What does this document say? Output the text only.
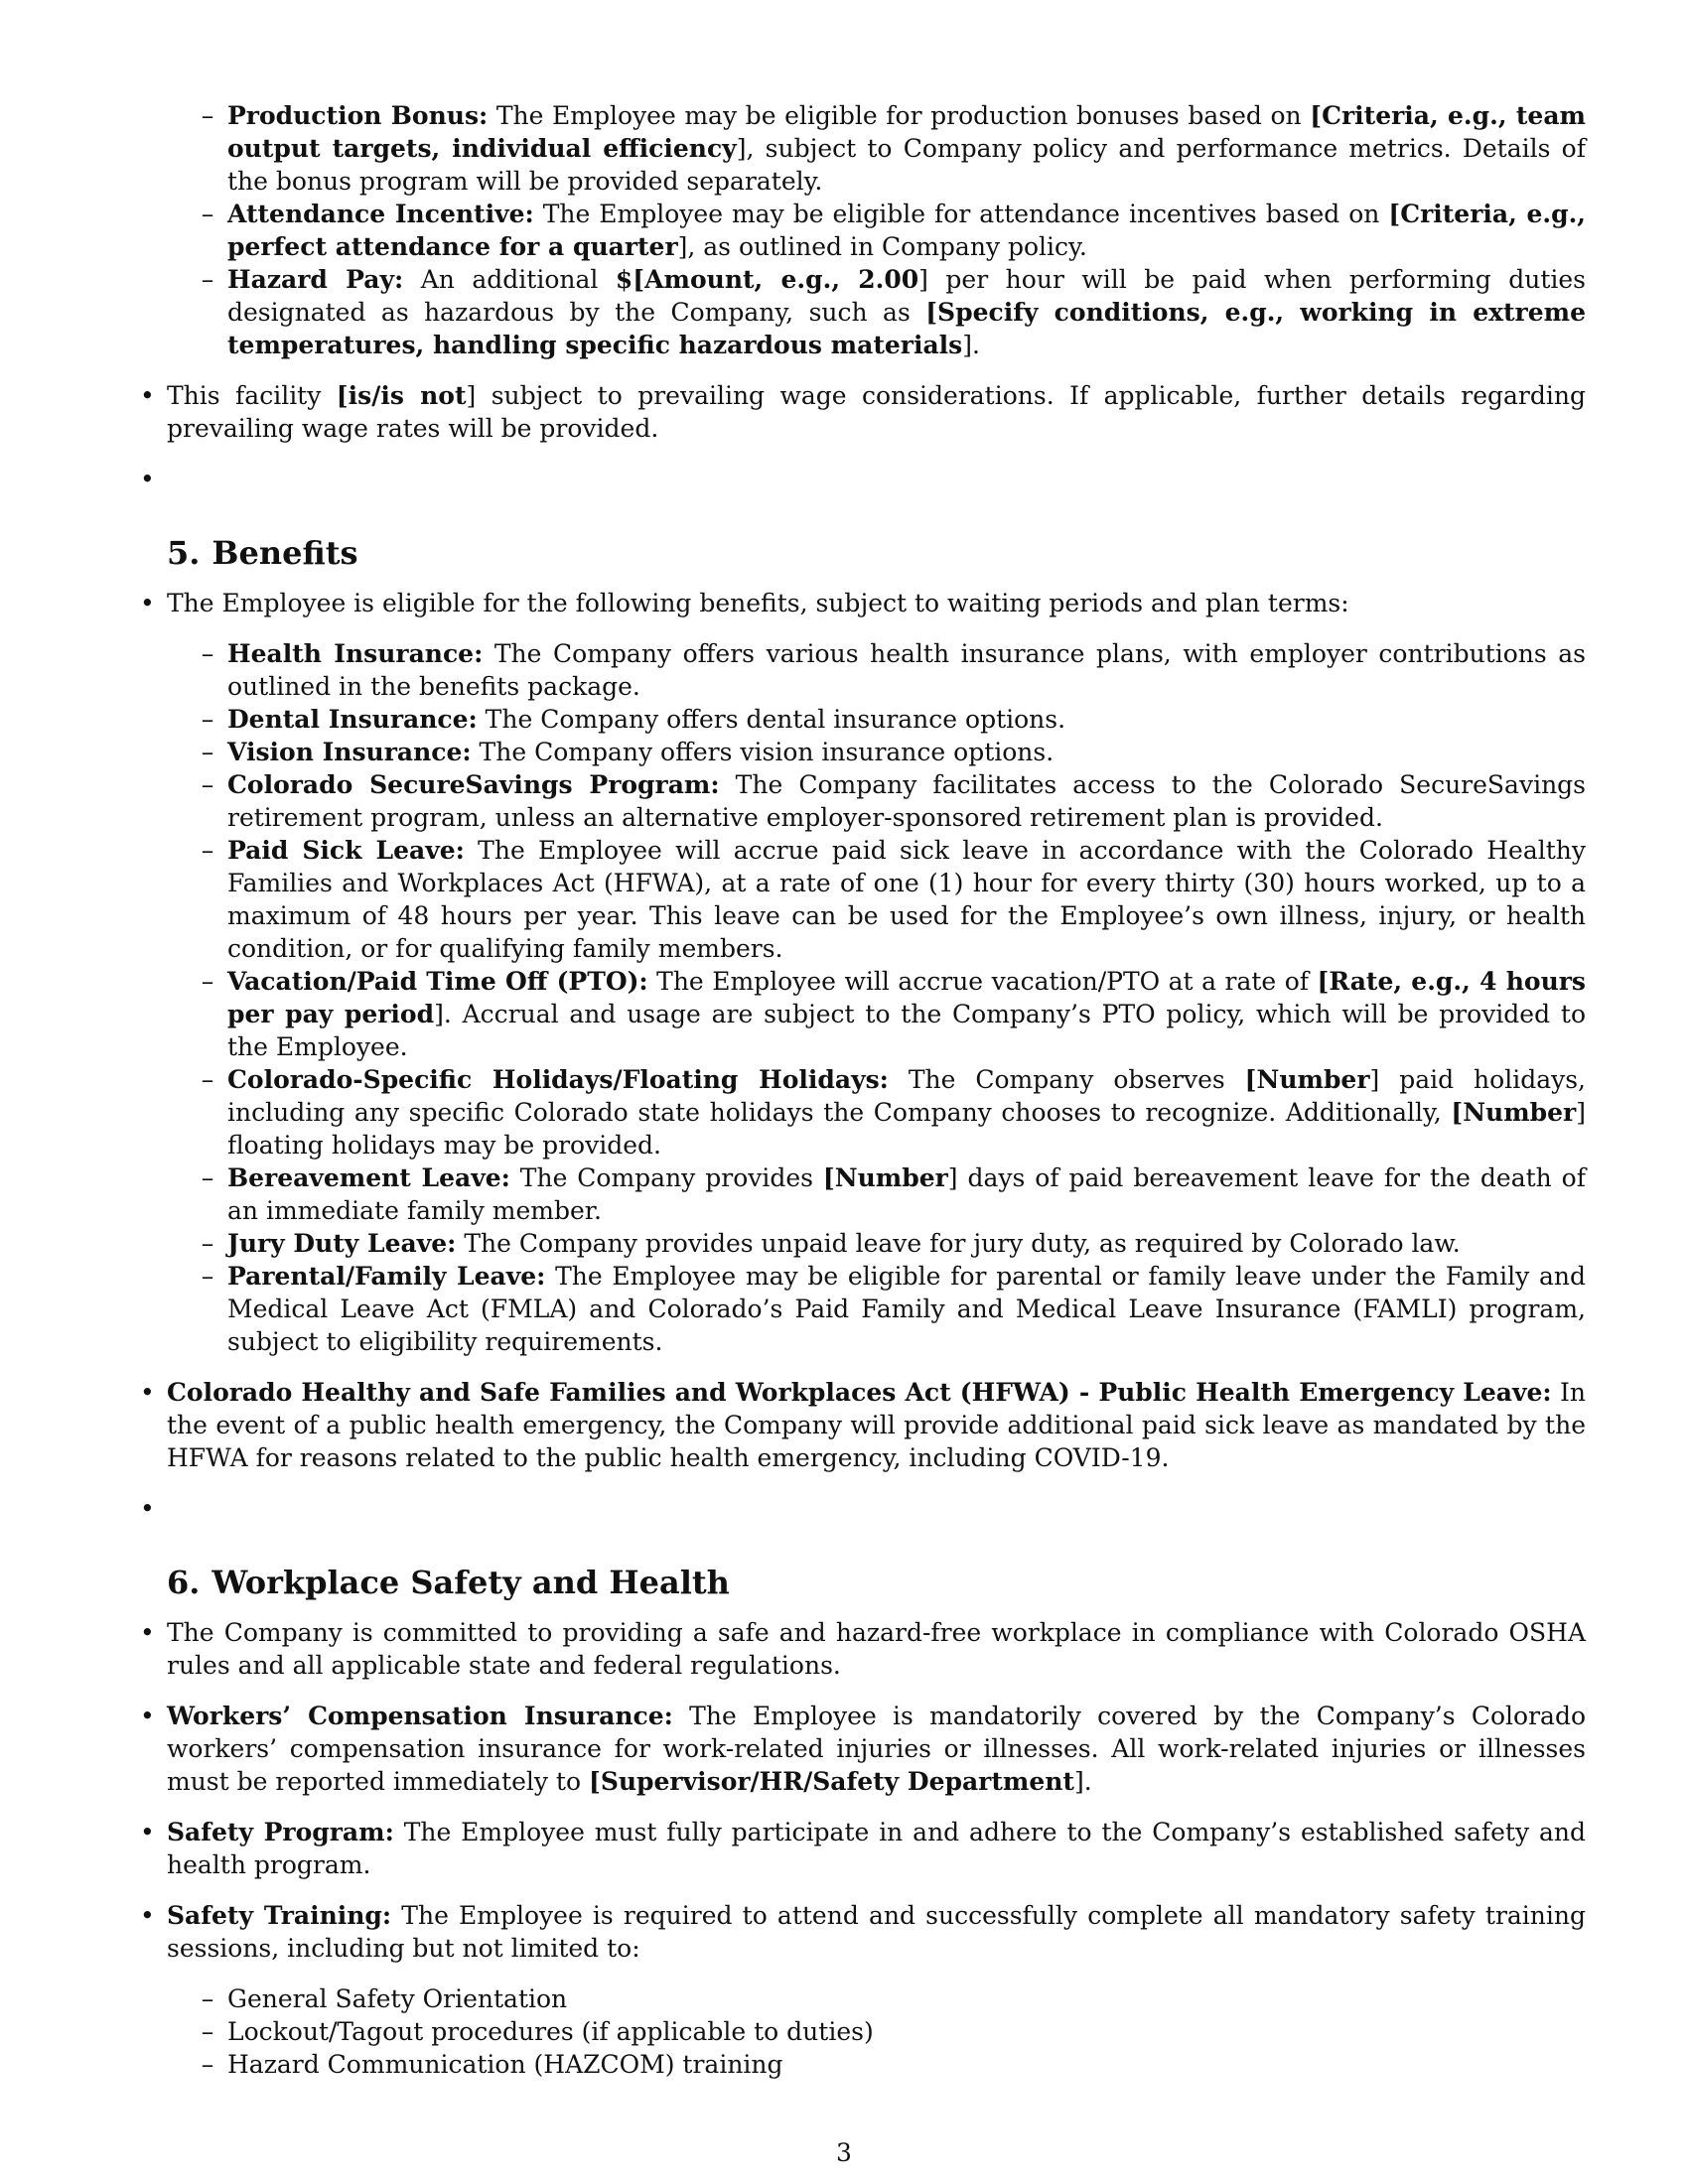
– Production Bonus: The Employee may be eligible for production bonuses based on [Criteria, e.g., team output targets, individual efficiency], subject to Company policy and performance metrics. Details of the bonus program will be provided separately.
– Attendance Incentive: The Employee may be eligible for attendance incentives based on [Criteria, e.g., perfect attendance for a quarter], as outlined in Company policy.
– Hazard Pay: An additional $[Amount, e.g., 2.00] per hour will be paid when performing duties designated as hazardous by the Company, such as [Specify conditions, e.g., working in extreme temperatures, handling specific hazardous materials].
• This facility [is/is not] subject to prevailing wage considerations. If applicable, further details regarding prevailing wage rates will be provided.
•
5. Benefits
• The Employee is eligible for the following benefits, subject to waiting periods and plan terms:
– Health Insurance: The Company offers various health insurance plans, with employer contributions as outlined in the benefits package.
– Dental Insurance: The Company offers dental insurance options.
– Vision Insurance: The Company offers vision insurance options.
– Colorado SecureSavings Program: The Company facilitates access to the Colorado SecureSavings retirement program, unless an alternative employer-sponsored retirement plan is provided.
– Paid Sick Leave: The Employee will accrue paid sick leave in accordance with the Colorado Healthy Families and Workplaces Act (HFWA), at a rate of one (1) hour for every thirty (30) hours worked, up to a maximum of 48 hours per year. This leave can be used for the Employee’s own illness, injury, or health condition, or for qualifying family members.
– Vacation/Paid Time Off (PTO): The Employee will accrue vacation/PTO at a rate of [Rate, e.g., 4 hours per pay period]. Accrual and usage are subject to the Company’s PTO policy, which will be provided to the Employee.
– Colorado-Specific Holidays/Floating Holidays: The Company observes [Number] paid holidays, including any specific Colorado state holidays the Company chooses to recognize. Additionally, [Number] floating holidays may be provided.
– Bereavement Leave: The Company provides [Number] days of paid bereavement leave for the death of an immediate family member.
– Jury Duty Leave: The Company provides unpaid leave for jury duty, as required by Colorado law.
– Parental/Family Leave: The Employee may be eligible for parental or family leave under the Family and Medical Leave Act (FMLA) and Colorado’s Paid Family and Medical Leave Insurance (FAMLI) program, subject to eligibility requirements.
• Colorado Healthy and Safe Families and Workplaces Act (HFWA) - Public Health Emergency Leave: In the event of a public health emergency, the Company will provide additional paid sick leave as mandated by the HFWA for reasons related to the public health emergency, including COVID-19.
•
6. Workplace Safety and Health
• The Company is committed to providing a safe and hazard-free workplace in compliance with Colorado OSHA rules and all applicable state and federal regulations.
• Workers’ Compensation Insurance: The Employee is mandatorily covered by the Company’s Colorado workers’ compensation insurance for work-related injuries or illnesses. All work-related injuries or illnesses must be reported immediately to [Supervisor/HR/Safety Department].
• Safety Program: The Employee must fully participate in and adhere to the Company’s established safety and health program.
• Safety Training: The Employee is required to attend and successfully complete all mandatory safety training sessions, including but not limited to:
– General Safety Orientation
– Lockout/Tagout procedures (if applicable to duties)
– Hazard Communication (HAZCOM) training
3
